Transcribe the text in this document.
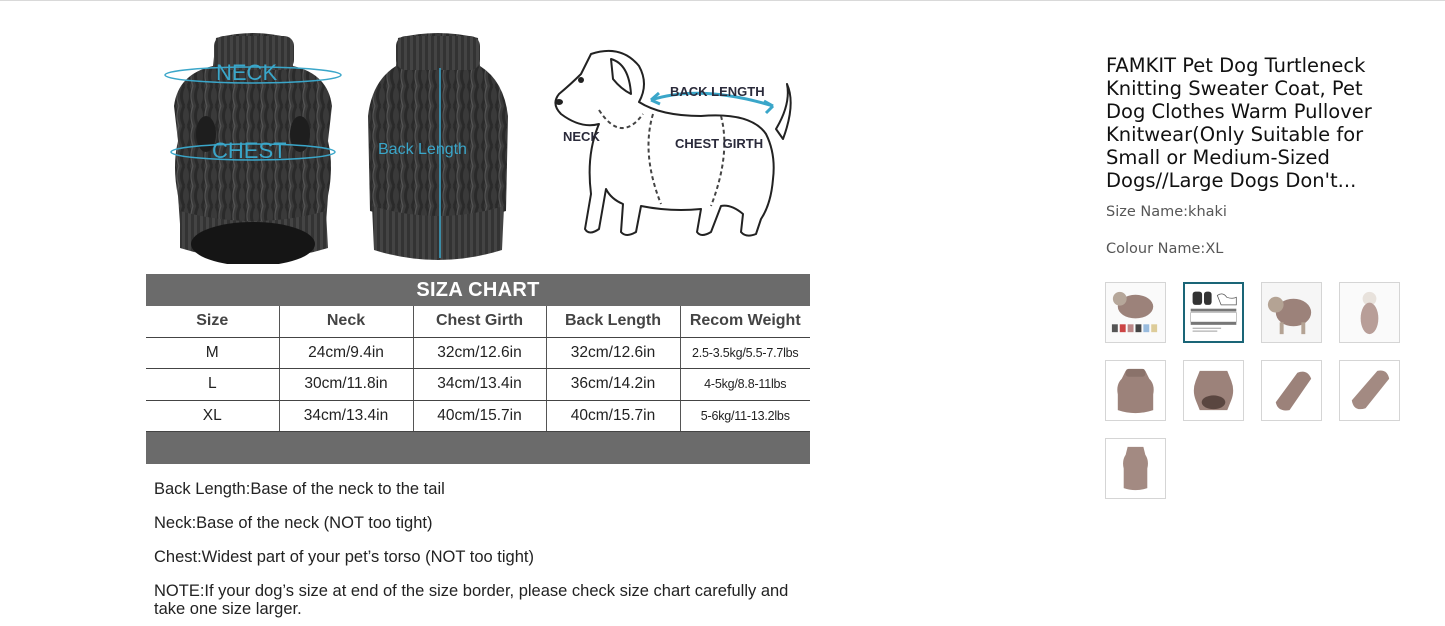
NECK
CHEST	Back Length
BACK LENGTH
NECK	CHEST GIRTH
SIZA CHART
Size	Neck	Chest Girth	Back Length	Recom Weight
M	24cm/9.4in	32cm/12.6in	32cm/12.6in	2.5-3.5kg/5.5-7.7lbs
L	30cm/11.8in	34cm/13.4in	36cm/14.2in	4-5kg/8.8-11lbs
XL	34cm/13.4in	40cm/15.7in	40cm/15.7in	5-6kg/11-13.2lbs

Back Length:Base of the neck to the tail

Neck:Base of the neck (NOT too tight)

Chest:Widest part of your pet’s torso (NOT too tight)

NOTE:If your dog’s size at end of the size border, please check size chart carefully and take one size larger.

FAMKIT Pet Dog Turtleneck Knitting Sweater Coat, Pet Dog Clothes Warm Pullover Knitwear(Only Suitable for Small or Medium-Sized Dogs//Large Dogs Don't...
Size Name:khaki
Colour Name:XL
